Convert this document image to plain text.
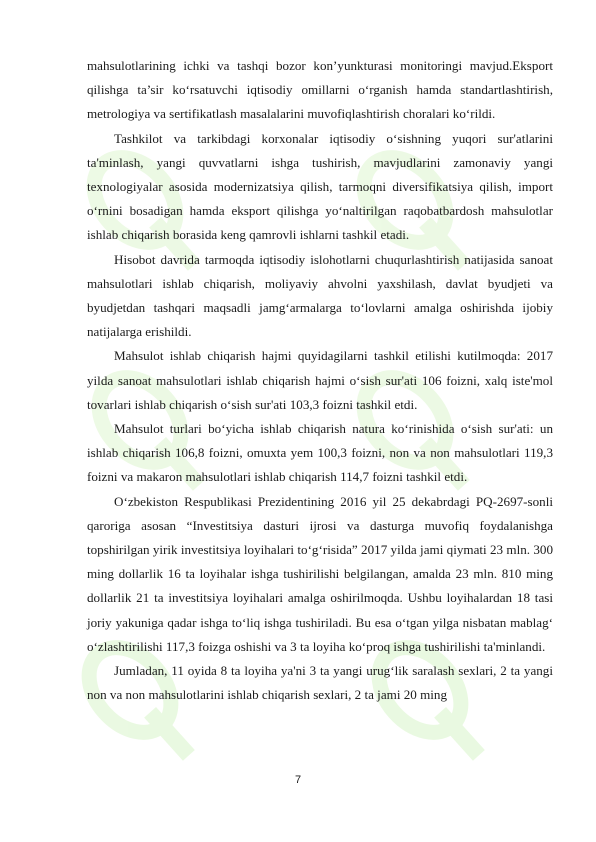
mahsulotlarining ichki va tashqi bozor kon’yunkturasi monitoringi mavjud.Eksport qilishga ta’sir ko‘rsatuvchi iqtisodiy omillarni o‘rganish hamda standartlashtirish, metrologiya va sertifikatlash masalalarini muvofiqlashtirish choralari ko‘rildi.

Tashkilot va tarkibdagi korxonalar iqtisodiy o‘sishning yuqori sur'atlarini ta'minlash, yangi quvvatlarni ishga tushirish, mavjudlarini zamonaviy yangi texnologiyalar asosida modernizatsiya qilish, tarmoqni diversifikatsiya qilish, import o‘rnini bosadigan hamda eksport qilishga yo‘naltirilgan raqobatbardosh mahsulotlar ishlab chiqarish borasida keng qamrovli ishlarni tashkil etadi.

Hisobot davrida tarmoqda iqtisodiy islohotlarni chuqurlashtirish natijasida sanoat mahsulotlari ishlab chiqarish, moliyaviy ahvolni yaxshilash, davlat byudjeti va byudjetdan tashqari maqsadli jamg‘armalarga to‘lovlarni amalga oshirishda ijobiy natijalarga erishildi.

Mahsulot ishlab chiqarish hajmi quyidagilarni tashkil etilishi kutilmoqda: 2017 yilda sanoat mahsulotlari ishlab chiqarish hajmi o‘sish sur'ati 106 foizni, xalq iste'mol tovarlari ishlab chiqarish o‘sish sur'ati 103,3 foizni tashkil etdi.

Mahsulot turlari bo‘yicha ishlab chiqarish natura ko‘rinishida o‘sish sur'ati: un ishlab chiqarish 106,8 foizni, omuxta yem 100,3 foizni, non va non mahsulotlari 119,3 foizni va makaron mahsulotlari ishlab chiqarish 114,7 foizni tashkil etdi.

O‘zbekiston Respublikasi Prezidentining 2016 yil 25 dekabrdagi PQ-2697-sonli qaroriga asosan “Investitsiya dasturi ijrosi va dasturga muvofiq foydalanishga topshirilgan yirik investitsiya loyihalari to‘g‘risida” 2017 yilda jami qiymati 23 mln. 300 ming dollarlik 16 ta loyihalar ishga tushirilishi belgilangan, amalda 23 mln. 810 ming dollarlik 21 ta investitsiya loyihalari amalga oshirilmoqda. Ushbu loyihalardan 18 tasi joriy yakuniga qadar ishga to‘liq ishga tushiriladi. Bu esa o‘tgan yilga nisbatan mablag‘ o‘zlashtirilishi 117,3 foizga oshishi va 3 ta loyiha ko‘proq ishga tushirilishi ta'minlandi.

Jumladan, 11 oyida 8 ta loyiha ya'ni 3 ta yangi urug‘lik saralash sexlari, 2 ta yangi non va non mahsulotlarini ishlab chiqarish sexlari, 2 ta jami 20 ming

7
